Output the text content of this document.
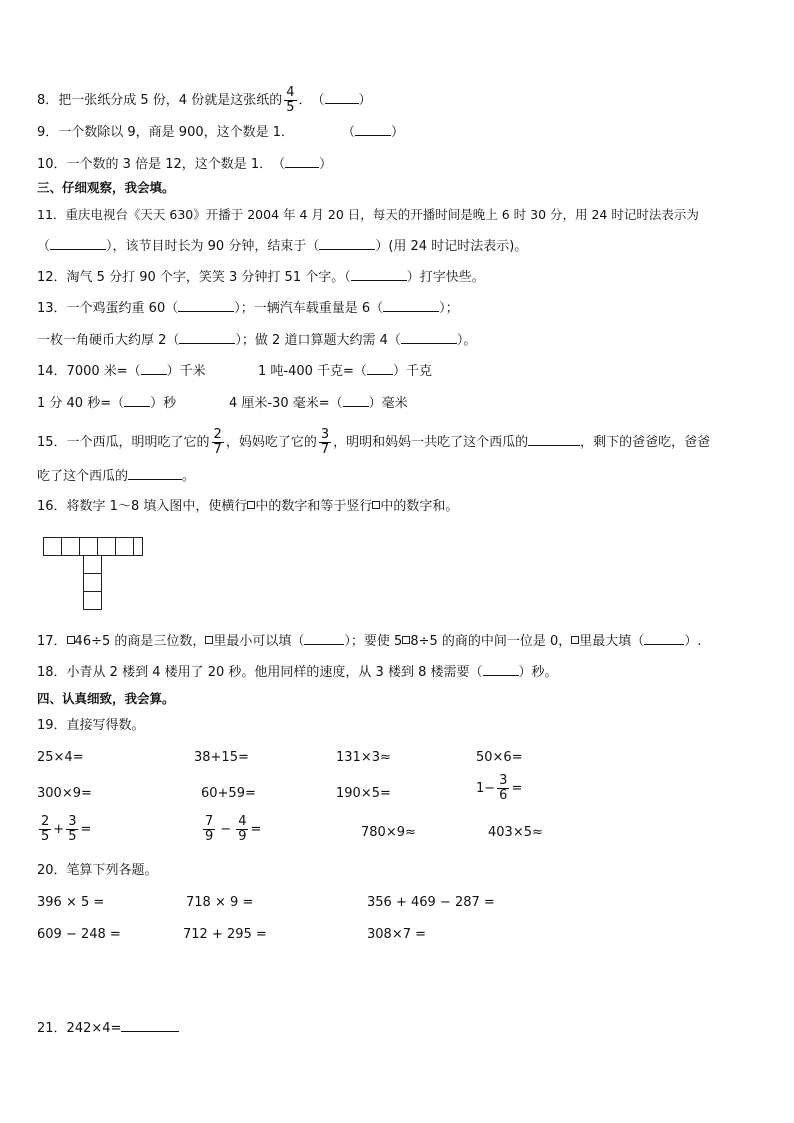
8．把一张纸分成 5 份，4 份就是这张纸的 $\frac{4}{5}$ ．　（	）
9．一个数除以 9，商是 900，这个数是 1．	（	）
10．一个数的 3 倍是 12，这个数是 1．　（	）
三、仔细观察，我会填。
11．重庆电视台《天天 630》开播于 2004 年 4 月 20 日，每天的开播时间是晚上 6 时 30 分，用 24 时记时法表示为
（	），该节目时长为 90 分钟，结束于（	）(用 24 时记时法表示)。
12．淘气 5 分打 90 个字，笑笑 3 分钟打 51 个字。（	）打字快些。
13．一个鸡蛋约重 60（	）；一辆汽车载重量是 6（	）；
一枚一角硬币大约厚 2（	）；做 2 道口算题大约需 4（	）。
14．7000 米=（ ）千米	1 吨-400 千克=（ ）千克
1 分 40 秒=（ ）秒	4 厘米-30 毫米=（ ）毫米
15．一个西瓜，明明吃了它的 $\frac{2}{7}$ ，妈妈吃了它的 $\frac{3}{7}$ ，明明和妈妈一共吃了这个西瓜的	，剩下的爸爸吃，爸爸
吃了这个西瓜的	。
16．将数字 1～8 填入图中，使横行 中的数字和等于竖行 中的数字和。
17． 46÷5 的商是三位数， 里最小可以填（	）；要使 5 8÷5 的商的中间一位是 0， 里最大填（	）.
18．小青从 2 楼到 4 楼用了 20 秒。他用同样的速度，从 3 楼到 8 楼需要（	）秒。
四、认真细致，我会算。
19．直接写得数。
25×4=	38+15=	131×3≈	50×6=
300×9=	60+59=	190×5=	$1- \frac{3}{6}$ =
$\frac{2}{5} + \frac{3}{5}$ =	$\frac{7}{9} - \frac{4}{9}$ =	780×9≈	403×5≈
20．笔算下列各题。
396 × 5 =	718 × 9 =	356 + 469 − 287 =
609 − 248 =	712 + 295 =	308×7 =
21．242×4=
